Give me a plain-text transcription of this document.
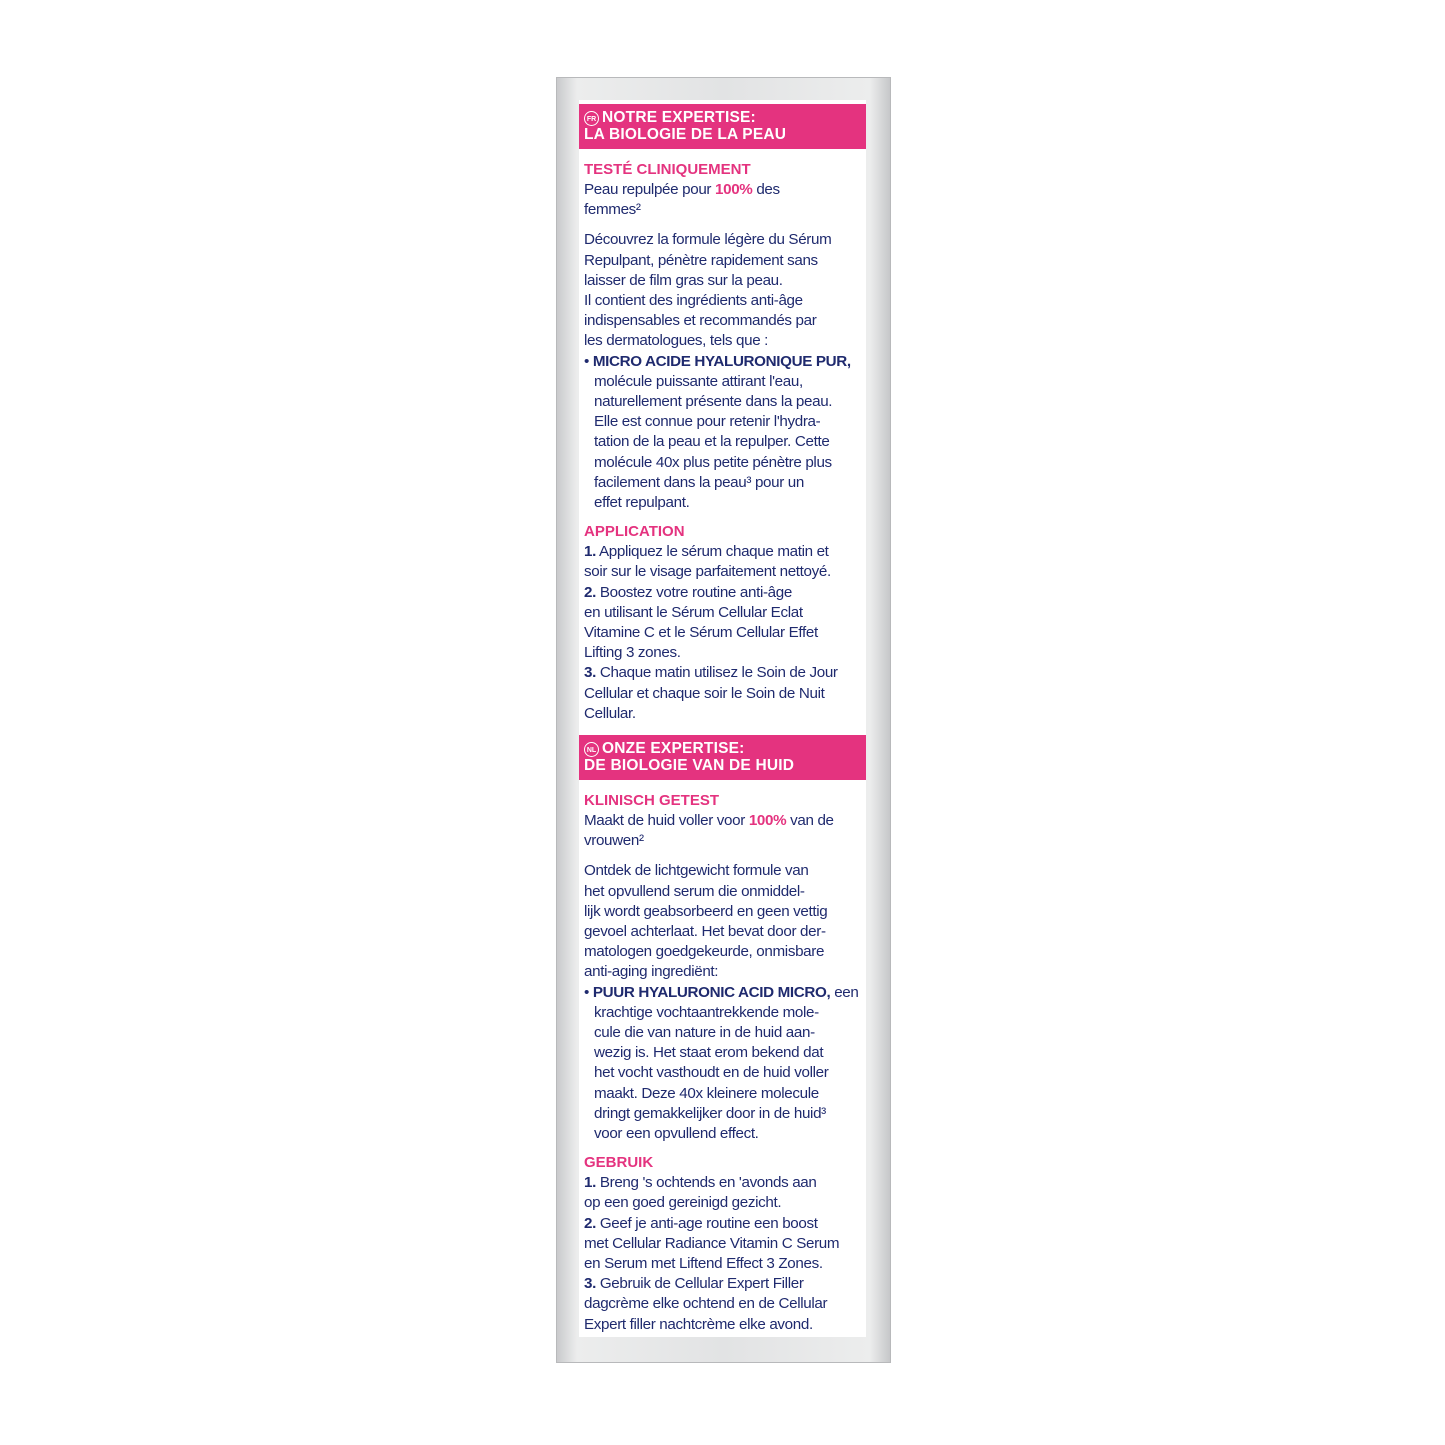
FR NOTRE EXPERTISE:
LA BIOLOGIE DE LA PEAU
TESTÉ CLINIQUEMENT
Peau repulpée pour 100% des
femmes²
Découvrez la formule légère du Sérum
Repulpant, pénètre rapidement sans
laisser de film gras sur la peau.
Il contient des ingrédients anti-âge
indispensables et recommandés par
les dermatologues, tels que :
• MICRO ACIDE HYALURONIQUE PUR,
molécule puissante attirant l'eau,
naturellement présente dans la peau.
Elle est connue pour retenir l'hydra-
tation de la peau et la repulper. Cette
molécule 40x plus petite pénètre plus
facilement dans la peau³ pour un
effet repulpant.
APPLICATION
1. Appliquez le sérum chaque matin et
soir sur le visage parfaitement nettoyé.
2. Boostez votre routine anti-âge
en utilisant le Sérum Cellular Eclat
Vitamine C et le Sérum Cellular Effet
Lifting 3 zones.
3. Chaque matin utilisez le Soin de Jour
Cellular et chaque soir le Soin de Nuit
Cellular.
NL ONZE EXPERTISE:
DE BIOLOGIE VAN DE HUID
KLINISCH GETEST
Maakt de huid voller voor 100% van de
vrouwen²
Ontdek de lichtgewicht formule van
het opvullend serum die onmiddel-
lijk wordt geabsorbeerd en geen vettig
gevoel achterlaat. Het bevat door der-
matologen goedgekeurde, onmisbare
anti-aging ingrediënt:
• PUUR HYALURONIC ACID MICRO, een
krachtige vochtaantrekkende mole-
cule die van nature in de huid aan-
wezig is. Het staat erom bekend dat
het vocht vasthoudt en de huid voller
maakt. Deze 40x kleinere molecule
dringt gemakkelijker door in de huid³
voor een opvullend effect.
GEBRUIK
1. Breng 's ochtends en 'avonds aan
op een goed gereinigd gezicht.
2. Geef je anti-age routine een boost
met Cellular Radiance Vitamin C Serum
en Serum met Liftend Effect 3 Zones.
3. Gebruik de Cellular Expert Filler
dagcrème elke ochtend en de Cellular
Expert filler nachtcrème elke avond.
